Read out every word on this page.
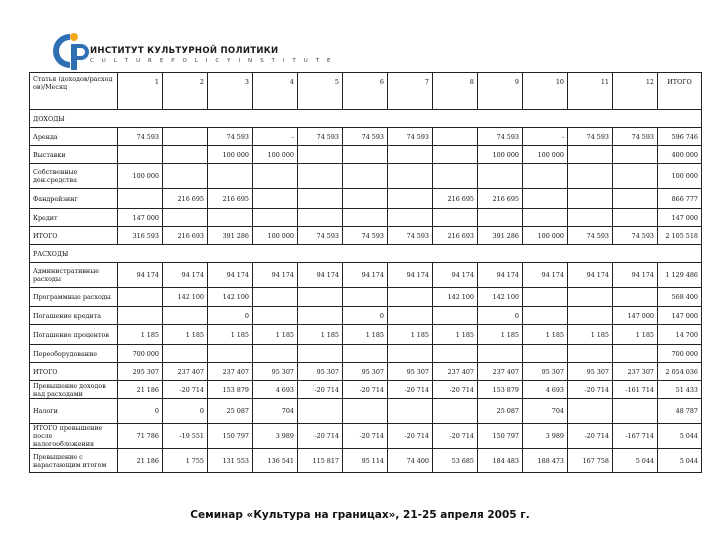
ИНСТИТУТ КУЛЬТУРНОЙ ПОЛИТИКИ
C U L T U R E P O L I C Y I N S T I T U T E
Статья (доходов/расходов)/Месяц	1	2	3	4	5	6	7	8	9	10	11	12	ИТОГО
ДОХОДЫ													
Аренда	74 593		74 593	-	74 593	74 593	74 593		74 593	-	74 593	74 593	596 746
Выставки			100 000	100 000					100 000	100 000			400 000
Собственные ден.средства	100 000												100 000
Фандрейзинг		216 695	216 695					216 695	216 695				866 777
Кредит	147 000												147 000
ИТОГО	316 593	216 693	391 286	100 000	74 593	74 593	74 593	216 693	391 286	100 000	74 593	74 593	2 105 518
РАСХОДЫ													
Административные расходы	94 174	94 174	94 174	94 174	94 174	94 174	94 174	94 174	94 174	94 174	94 174	94 174	1 129 486
Программные расходы		142 100	142 100					142 100	142 100				568 400
Погашение кредита			0			0			0			147 000	147 000
Погашение процентов	1 185	1 185	1 185	1 185	1 185	1 185	1 185	1 185	1 185	1 185	1 185	1 185	14 700
Переоборудование	700 000												700 000
ИТОГО	295 307	237 407	237 407	95 307	95 307	95 307	95 307	237 407	237 407	95 307	95 307	237 307	2 054 036
Превышение доходов над расходами	21 186	-20 714	153 879	4 693	-20 714	-20 714	-20 714	-20 714	153 879	4 693	-20 714	-161 714	51 433
Налоги	0	0	25 087	704					25 087	704			48 787
ИТОГО превышение после налогообложения	71 786	-19 551	150 797	3 989	-20 714	-20 714	-20 714	-20 714	150 797	3 989	-20 714	-167 714	5 044
Превышение с нарастающим итогом	21 186	1 755	131 553	136 541	115 817	95 114	74 400	53 685	184 483	188 473	167 758	5 044	5 044
Семинар «Культура на границах», 21-25 апреля 2005 г.
